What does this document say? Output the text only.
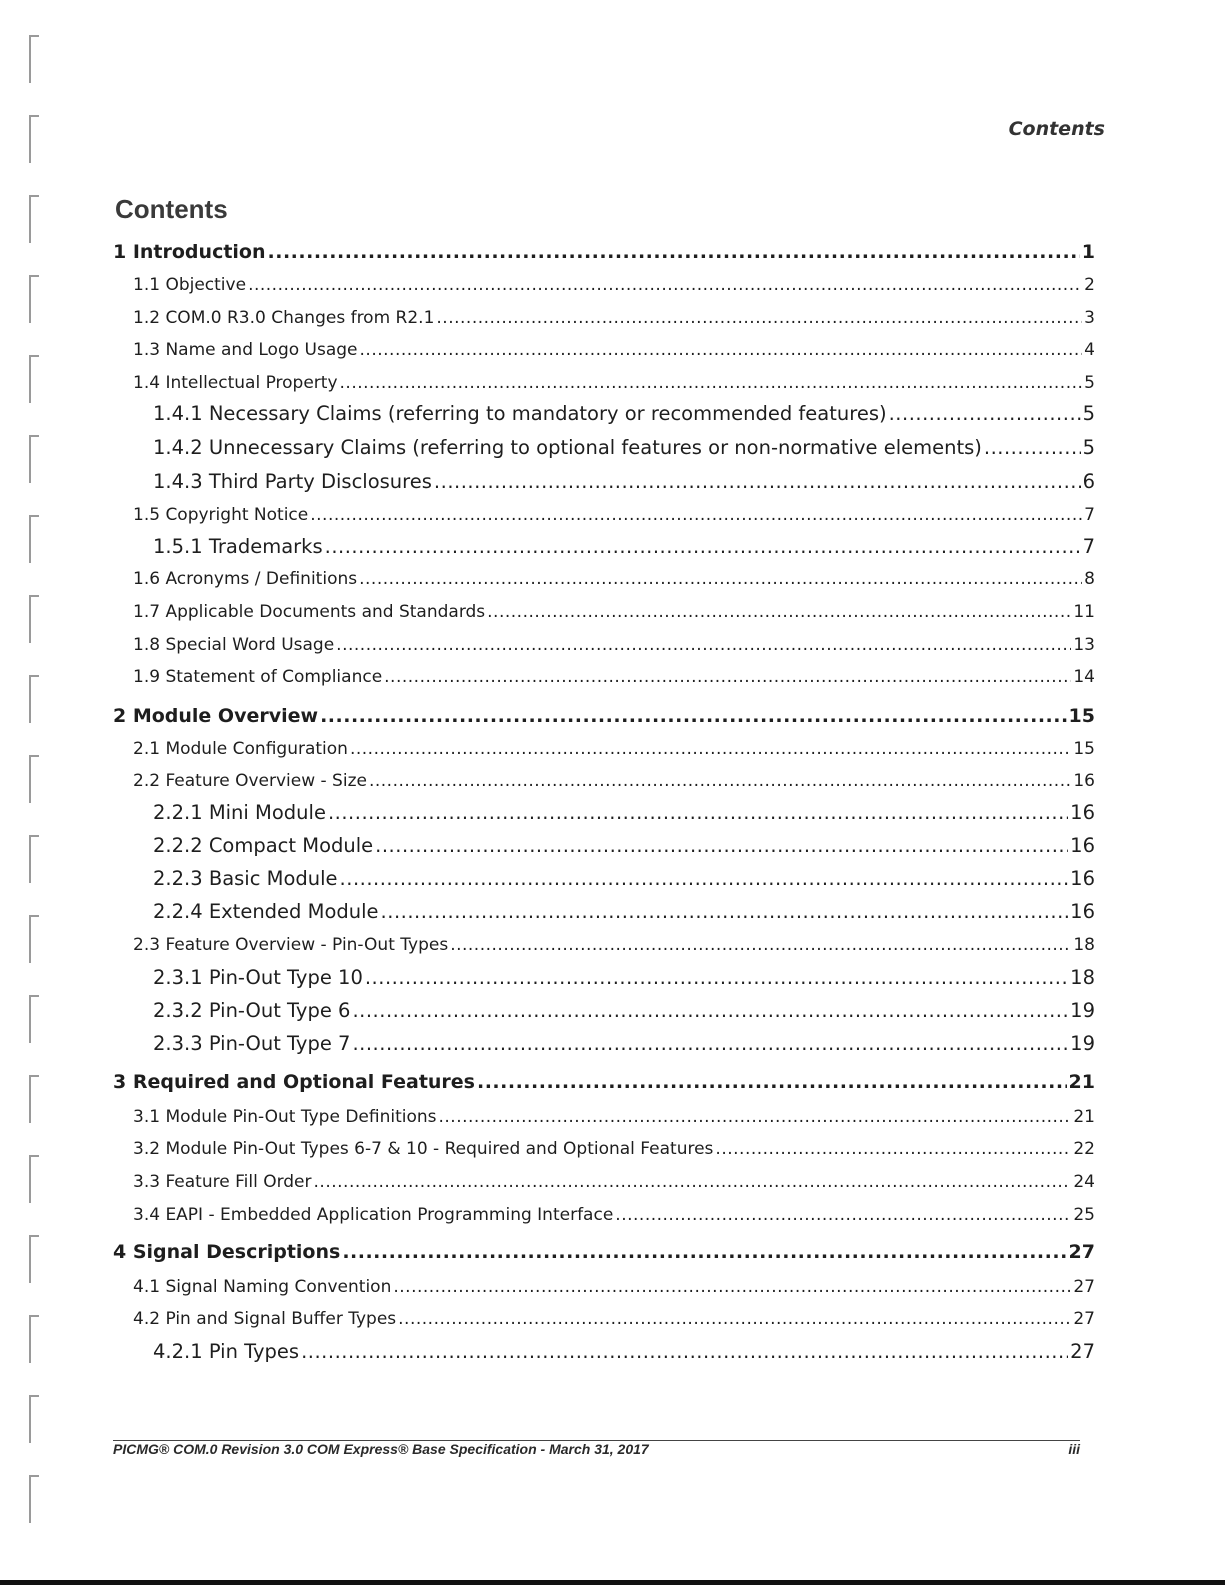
Contents
Contents
1 Introduction .....	1
1.1 Objective .....	2
1.2 COM.0 R3.0 Changes from R2.1 .....	3
1.3 Name and Logo Usage .....	4
1.4 Intellectual Property .....	5
1.4.1 Necessary Claims (referring to mandatory or recommended features) .....	5
1.4.2 Unnecessary Claims (referring to optional features or non-normative elements) .....	5
1.4.3 Third Party Disclosures .....	6
1.5 Copyright Notice .....	7
1.5.1 Trademarks .....	7
1.6 Acronyms / Definitions .....	8
1.7 Applicable Documents and Standards .....	11
1.8 Special Word Usage .....	13
1.9 Statement of Compliance .....	14
2 Module Overview .....	15
2.1 Module Configuration .....	15
2.2 Feature Overview - Size .....	16
2.2.1 Mini Module .....	16
2.2.2 Compact Module .....	16
2.2.3 Basic Module .....	16
2.2.4 Extended Module .....	16
2.3 Feature Overview - Pin-Out Types .....	18
2.3.1 Pin-Out Type 10 .....	18
2.3.2 Pin-Out Type 6 .....	19
2.3.3 Pin-Out Type 7 .....	19
3 Required and Optional Features .....	21
3.1 Module Pin-Out Type Definitions .....	21
3.2 Module Pin-Out Types 6-7 & 10 - Required and Optional Features .....	22
3.3 Feature Fill Order .....	24
3.4 EAPI - Embedded Application Programming Interface .....	25
4 Signal Descriptions .....	27
4.1 Signal Naming Convention .....	27
4.2 Pin and Signal Buffer Types .....	27
4.2.1 Pin Types .....	27
PICMG® COM.0 Revision 3.0 COM Express® Base Specification - March 31, 2017	iii
